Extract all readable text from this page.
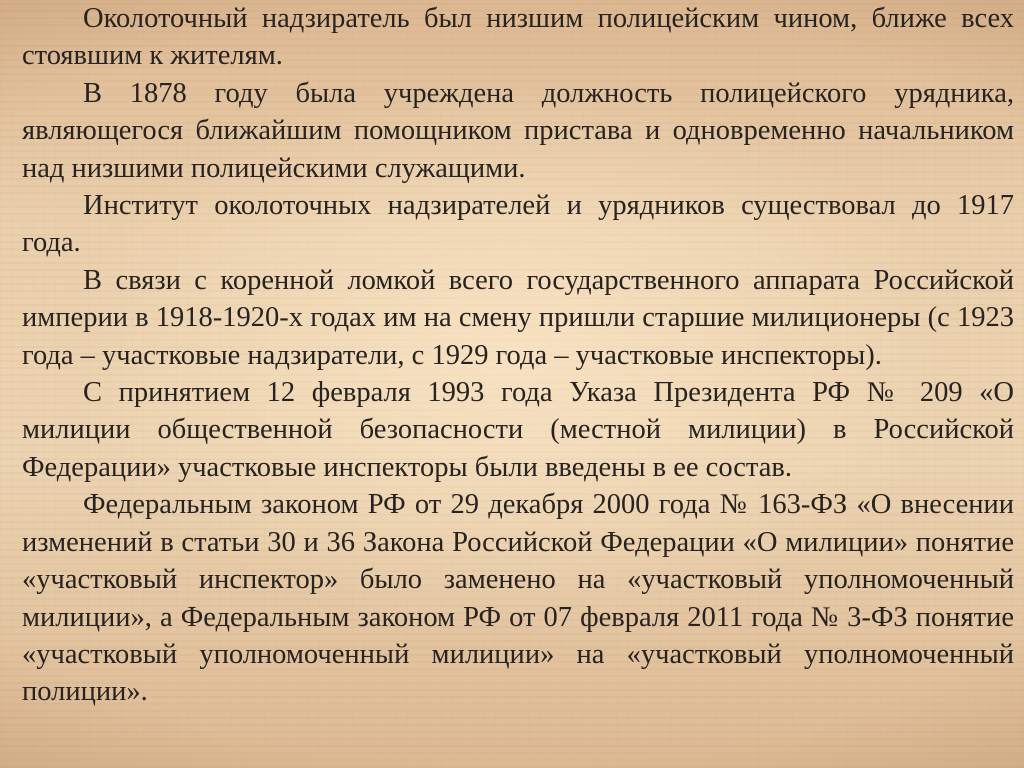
Околоточный надзиратель был низшим полицейским чином, ближе всех стоявшим к жителям.

В 1878 году была учреждена должность полицейского урядника, являющегося ближайшим помощником пристава и одновременно начальником над низшими полицейскими служащими.

Институт околоточных надзирателей и урядников существовал до 1917 года.

В связи с коренной ломкой всего государственного аппарата Российской империи в 1918-1920-х годах им на смену пришли старшие милиционеры (с 1923 года – участковые надзиратели, с 1929 года – участковые инспекторы).

С принятием 12 февраля 1993 года Указа Президента РФ № 209 «О милиции общественной безопасности (местной милиции) в Российской Федерации» участковые инспекторы были введены в ее состав.

Федеральным законом РФ от 29 декабря 2000 года № 163-ФЗ «О внесении изменений в статьи 30 и 36 Закона Российской Федерации «О милиции» понятие «участковый инспектор» было заменено на «участковый уполномоченный милиции», а Федеральным законом РФ от 07 февраля 2011 года № 3-ФЗ понятие «участковый уполномоченный милиции» на «участковый уполномоченный полиции».
